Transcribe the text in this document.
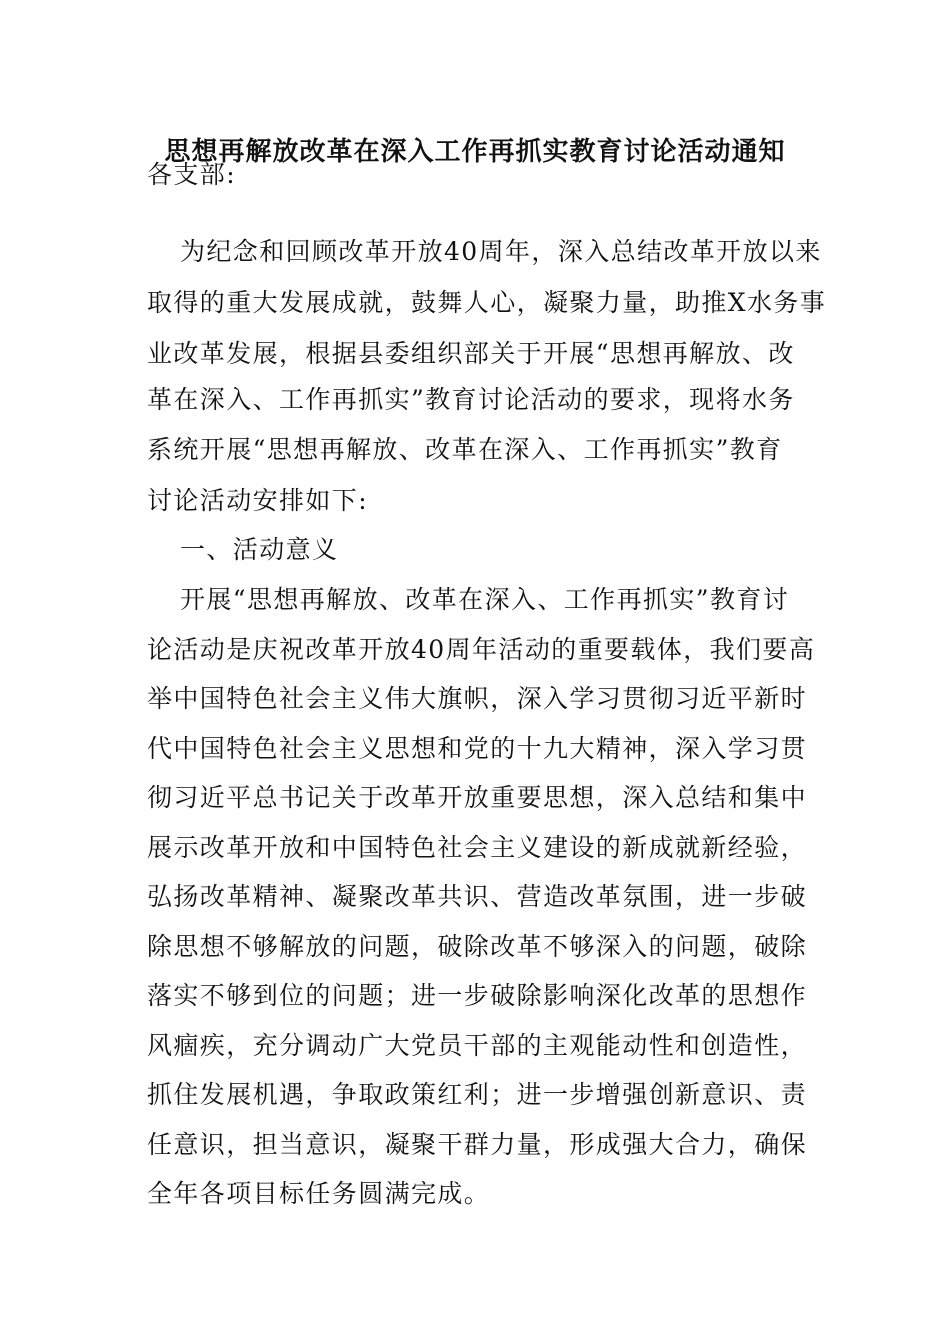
思想再解放改革在深入工作再抓实教育讨论活动通知
各支部:
为纪念和回顾改革开放40周年，深入总结改革开放以来
取得的重大发展成就，鼓舞人心，凝聚力量，助推X水务事
业改革发展，根据县委组织部关于开展“思想再解放、改
革在深入、工作再抓实”教育讨论活动的要求，现将水务
系统开展“思想再解放、改革在深入、工作再抓实”教育
讨论活动安排如下:
一、活动意义
开展“思想再解放、改革在深入、工作再抓实”教育讨
论活动是庆祝改革开放40周年活动的重要载体，我们要高
举中国特色社会主义伟大旗帜，深入学习贯彻习近平新时
代中国特色社会主义思想和党的十九大精神，深入学习贯
彻习近平总书记关于改革开放重要思想，深入总结和集中
展示改革开放和中国特色社会主义建设的新成就新经验，
弘扬改革精神、凝聚改革共识、营造改革氛围，进一步破
除思想不够解放的问题，破除改革不够深入的问题，破除
落实不够到位的问题；进一步破除影响深化改革的思想作
风痼疾，充分调动广大党员干部的主观能动性和创造性，
抓住发展机遇，争取政策红利；进一步增强创新意识、责
任意识，担当意识，凝聚干群力量，形成强大合力，确保
全年各项目标任务圆满完成。
